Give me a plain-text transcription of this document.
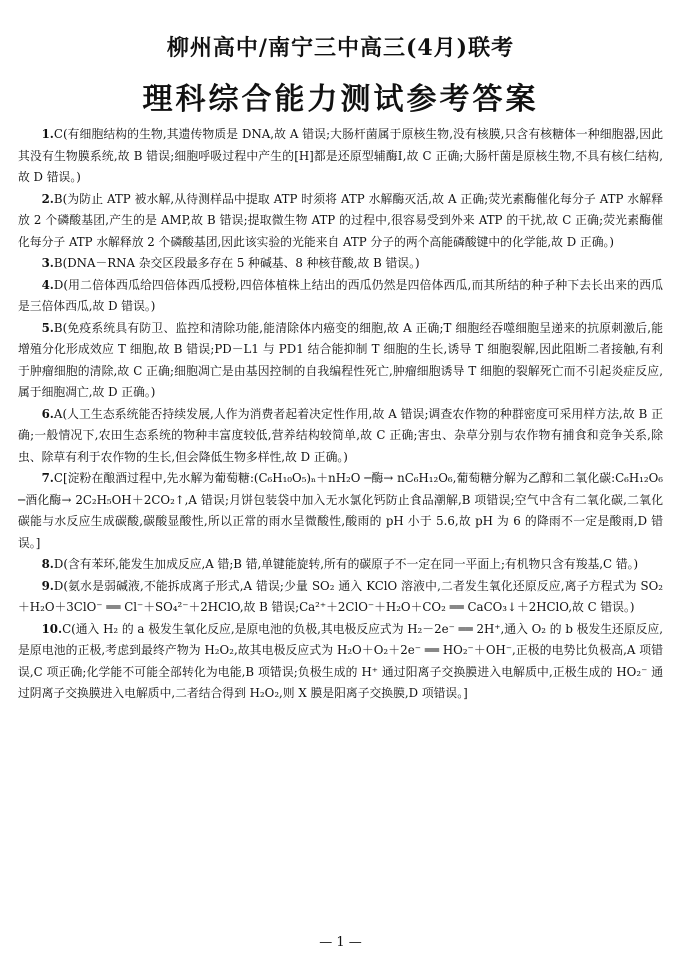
柳州高中/南宁三中高三(4月)联考
理科综合能力测试参考答案

1.C(有细胞结构的生物,其遗传物质是 DNA,故 A 错误;大肠杆菌属于原核生物,没有核膜,只含有核糖体一种细胞器,因此其没有生物膜系统,故 B 错误;细胞呼吸过程中产生的[H]都是还原型辅酶Ⅰ,故 C 正确;大肠杆菌是原核生物,不具有核仁结构,故 D 错误。)

2.B(为防止 ATP 被水解,从待测样品中提取 ATP 时须将 ATP 水解酶灭活,故 A 正确;荧光素酶催化每分子 ATP 水解释放 2 个磷酸基团,产生的是 AMP,故 B 错误;提取微生物 ATP 的过程中,很容易受到外来 ATP 的干扰,故 C 正确;荧光素酶催化每分子 ATP 水解释放 2 个磷酸基团,因此该实验的光能来自 ATP 分子的两个高能磷酸键中的化学能,故 D 正确。)

3.B(DNA－RNA 杂交区段最多存在 5 种碱基、8 种核苷酸,故 B 错误。)

4.D(用二倍体西瓜给四倍体西瓜授粉,四倍体植株上结出的西瓜仍然是四倍体西瓜,而其所结的种子种下去长出来的西瓜是三倍体西瓜,故 D 错误。)

5.B(免疫系统具有防卫、监控和清除功能,能清除体内癌变的细胞,故 A 正确;T 细胞经吞噬细胞呈递来的抗原刺激后,能增殖分化形成效应 T 细胞,故 B 错误;PD－L1 与 PD1 结合能抑制 T 细胞的生长,诱导 T 细胞裂解,因此阻断二者接触,有利于肿瘤细胞的清除,故 C 正确;细胞凋亡是由基因控制的自我编程性死亡,肿瘤细胞诱导 T 细胞的裂解死亡而不引起炎症反应,属于细胞凋亡,故 D 正确。)

6.A(人工生态系统能否持续发展,人作为消费者起着决定性作用,故 A 错误;调查农作物的种群密度可采用样方法,故 B 正确;一般情况下,农田生态系统的物种丰富度较低,营养结构较简单,故 C 正确;害虫、杂草分别与农作物有捕食和竞争关系,除虫、除草有利于农作物的生长,但会降低生物多样性,故 D 正确。)

7.C[淀粉在酿酒过程中,先水解为葡萄糖:(C₆H₁₀O₅)ₙ＋nH₂O ─酶→ nC₆H₁₂O₆,葡萄糖分解为乙醇和二氧化碳:C₆H₁₂O₆ ─酒化酶→ 2C₂H₅OH＋2CO₂↑,A 错误;月饼包装袋中加入无水氯化钙防止食品潮解,B 项错误;空气中含有二氧化碳,二氧化碳能与水反应生成碳酸,碳酸显酸性,所以正常的雨水呈微酸性,酸雨的 pH 小于 5.6,故 pH 为 6 的降雨不一定是酸雨,D 错误。]

8.D(含有苯环,能发生加成反应,A 错;B 错,单键能旋转,所有的碳原子不一定在同一平面上;有机物只含有羧基,C 错。)

9.D(氨水是弱碱液,不能拆成离子形式,A 错误;少量 SO₂ 通入 KClO 溶液中,二者发生氧化还原反应,离子方程式为 SO₂＋H₂O＋3ClO⁻ ══ Cl⁻＋SO₄²⁻＋2HClO,故 B 错误;Ca²⁺＋2ClO⁻＋H₂O＋CO₂ ══ CaCO₃↓＋2HClO,故 C 错误。)

10.C(通入 H₂ 的 a 极发生氧化反应,是原电池的负极,其电极反应式为 H₂－2e⁻ ══ 2H⁺,通入 O₂ 的 b 极发生还原反应,是原电池的正极,考虑到最终产物为 H₂O₂,故其电极反应式为 H₂O＋O₂＋2e⁻ ══ HO₂⁻＋OH⁻,正极的电势比负极高,A 项错误,C 项正确;化学能不可能全部转化为电能,B 项错误;负极生成的 H⁺ 通过阳离子交换膜进入电解质中,正极生成的 HO₂⁻ 通过阴离子交换膜进入电解质中,二者结合得到 H₂O₂,则 X 膜是阳离子交换膜,D 项错误。]

— 1 —
